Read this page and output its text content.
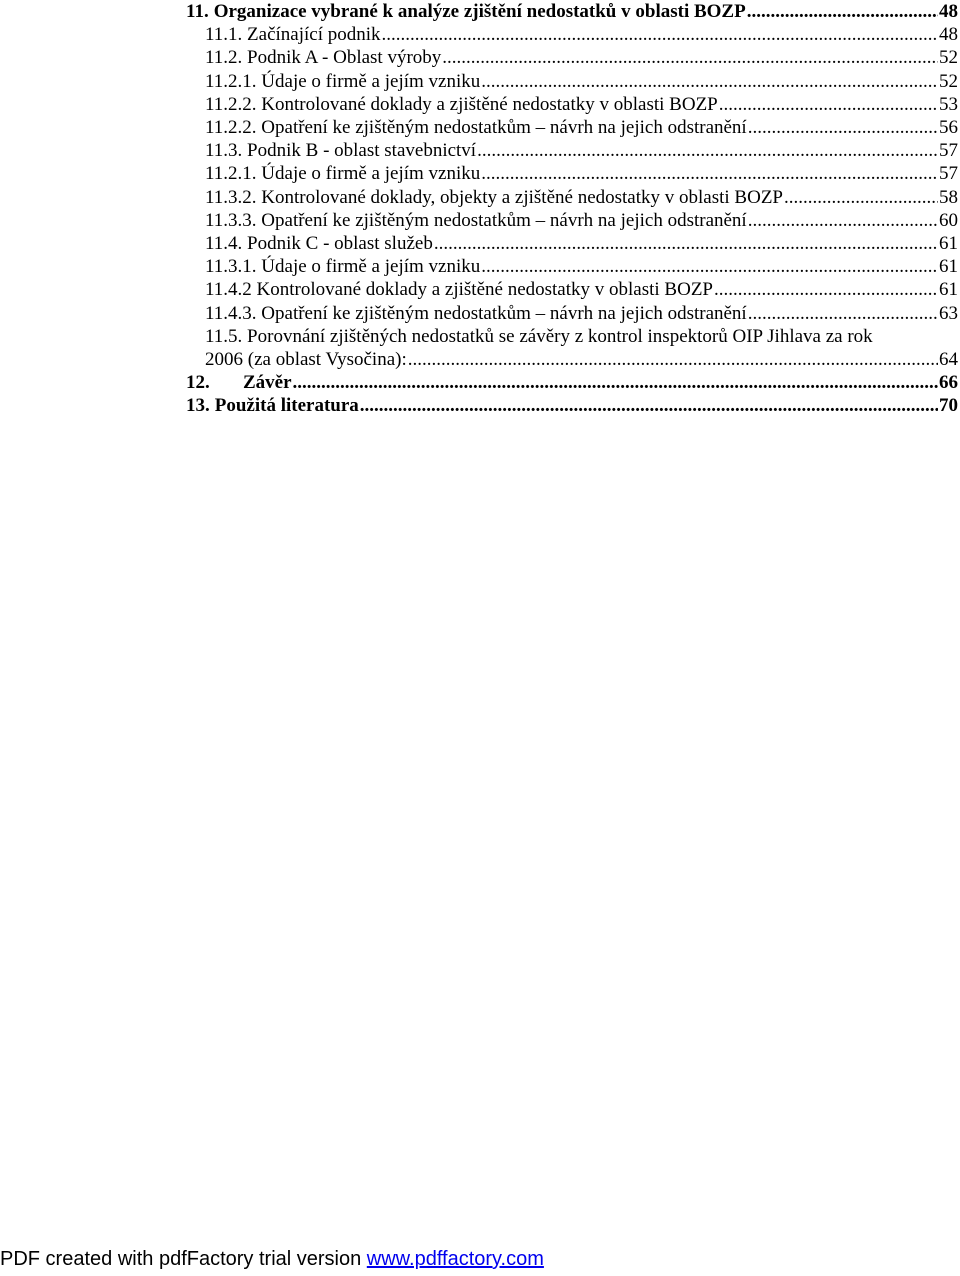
11. Organizace vybrané k analýze zjištění nedostatků v oblasti BOZP .....	48
11.1. Začínající podnik .....	48
11.2. Podnik A - Oblast výroby .....	52
11.2.1. Údaje o firmě a jejím vzniku .....	52
11.2.2. Kontrolované doklady a zjištěné nedostatky v oblasti BOZP .....	53
11.2.2. Opatření ke zjištěným nedostatkům – návrh na jejich odstranění .....	56
11.3. Podnik B - oblast stavebnictví .....	57
11.2.1. Údaje o firmě a jejím vzniku .....	57
11.3.2. Kontrolované doklady, objekty a zjištěné nedostatky v oblasti BOZP .....	58
11.3.3. Opatření ke zjištěným nedostatkům – návrh na jejich odstranění .....	60
11.4. Podnik C - oblast služeb .....	61
11.3.1. Údaje o firmě a jejím vzniku .....	61
11.4.2 Kontrolované doklady a zjištěné nedostatky v oblasti BOZP .....	61
11.4.3. Opatření ke zjištěným nedostatkům – návrh na jejich odstranění .....	63
11.5. Porovnání zjištěných nedostatků se závěry z kontrol inspektorů OIP Jihlava za rok
2006 (za oblast Vysočina): .....	64
12. Závěr .....	66
13. Použitá literatura .....	70
PDF created with pdfFactory trial version www.pdffactory.com
